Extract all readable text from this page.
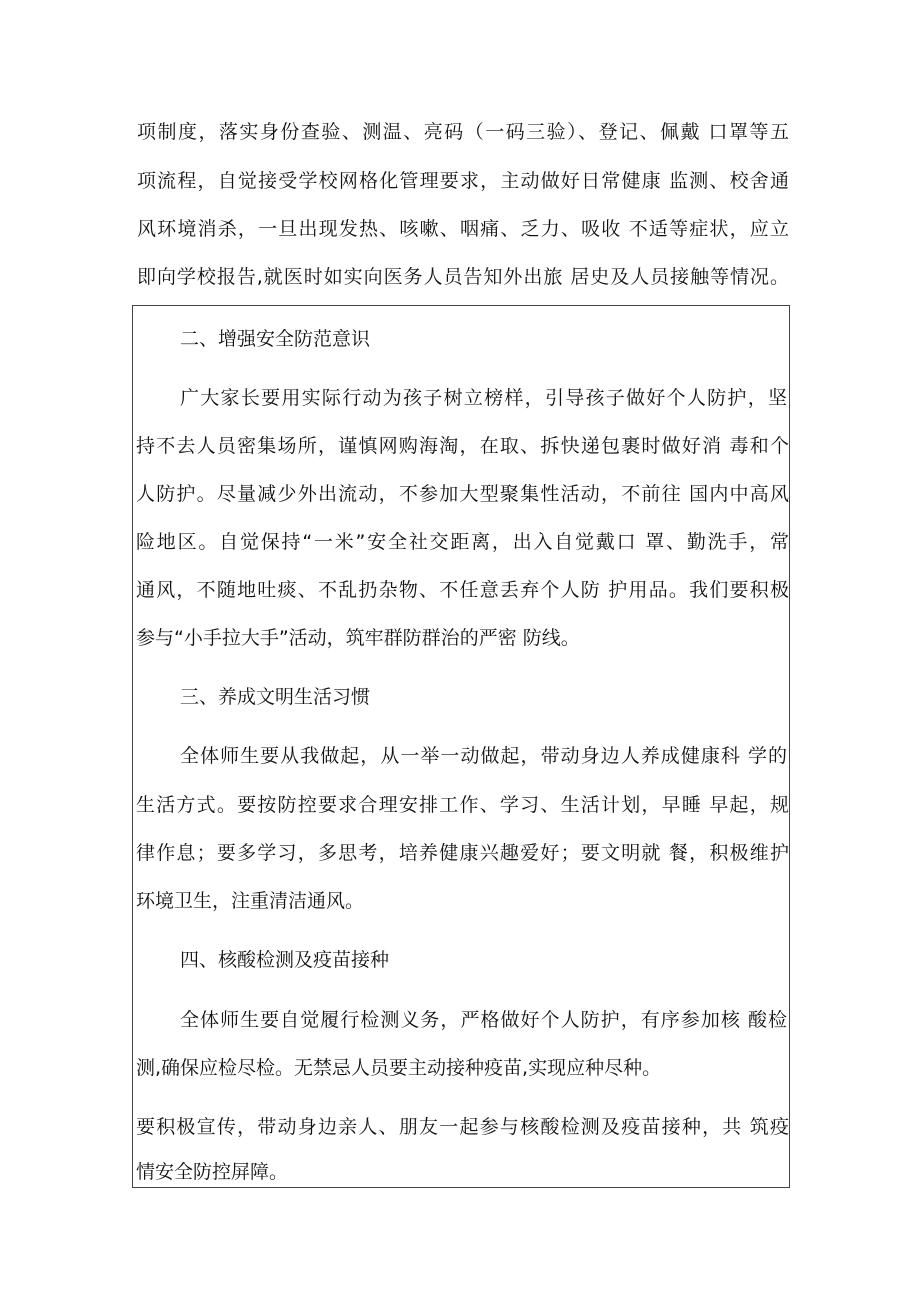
项制度，落实身份查验、测温、亮码（一码三验）、登记、佩戴 口罩等五

项流程，自觉接受学校网格化管理要求，主动做好日常健康 监测、校舍通

风环境消杀，一旦出现发热、咳嗽、咽痛、乏力、吸收 不适等症状，应立

即向学校报告,就医时如实向医务人员告知外出旅 居史及人员接触等情况。

二、增强安全防范意识

广大家长要用实际行动为孩子树立榜样，引导孩子做好个人防护，坚

持不去人员密集场所，谨慎网购海淘，在取、拆快递包裹时做好消 毒和个

人防护。尽量减少外出流动，不参加大型聚集性活动，不前往 国内中高风

险地区。自觉保持“一米”安全社交距离，出入自觉戴口 罩、勤洗手，常

通风，不随地吐痰、不乱扔杂物、不任意丢弃个人防 护用品。我们要积极

参与“小手拉大手”活动，筑牢群防群治的严密 防线。

三、养成文明生活习惯

全体师生要从我做起，从一举一动做起，带动身边人养成健康科 学的

生活方式。要按防控要求合理安排工作、学习、生活计划，早睡 早起，规

律作息；要多学习，多思考，培养健康兴趣爱好；要文明就 餐，积极维护

环境卫生，注重清洁通风。

四、核酸检测及疫苗接种

全体师生要自觉履行检测义务，严格做好个人防护，有序参加核 酸检

测,确保应检尽检。无禁忌人员要主动接种疫苗,实现应种尽种。

要积极宣传，带动身边亲人、朋友一起参与核酸检测及疫苗接种，共 筑疫

情安全防控屏障。
